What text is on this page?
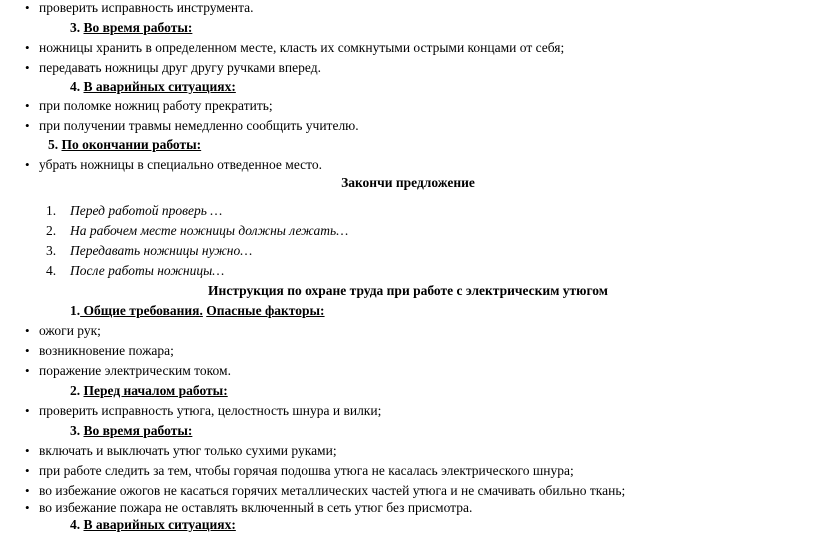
• проверить исправность инструмента.
3. Во время работы:
• ножницы хранить в определенном месте, класть их сомкнутыми острыми концами от себя;
• передавать ножницы друг другу ручками вперед.
4. В аварийных ситуациях:
• при поломке ножниц работу прекратить;
• при получении травмы немедленно сообщить учителю.
5. По окончании работы:
• убрать ножницы в специально отведенное место.
Закончи предложение
1. Перед работой проверь …
2. На рабочем месте ножницы должны лежать…
3. Передавать ножницы нужно…
4. После работы ножницы…
Инструкция по охране труда при работе с электрическим утюгом
1. Общие требования. Опасные факторы:
• ожоги рук;
• возникновение пожара;
• поражение электрическим током.
2. Перед началом работы:
• проверить исправность утюга, целостность шнура и вилки;
3. Во время работы:
• включать и выключать утюг только сухими руками;
• при работе следить за тем, чтобы горячая подошва утюга не касалась электрического шнура;
• во избежание ожогов не касаться горячих металлических частей утюга и не смачивать обильно ткань;
• во избежание пожара не оставлять включенный в сеть утюг без присмотра.
4. В аварийных ситуациях:
